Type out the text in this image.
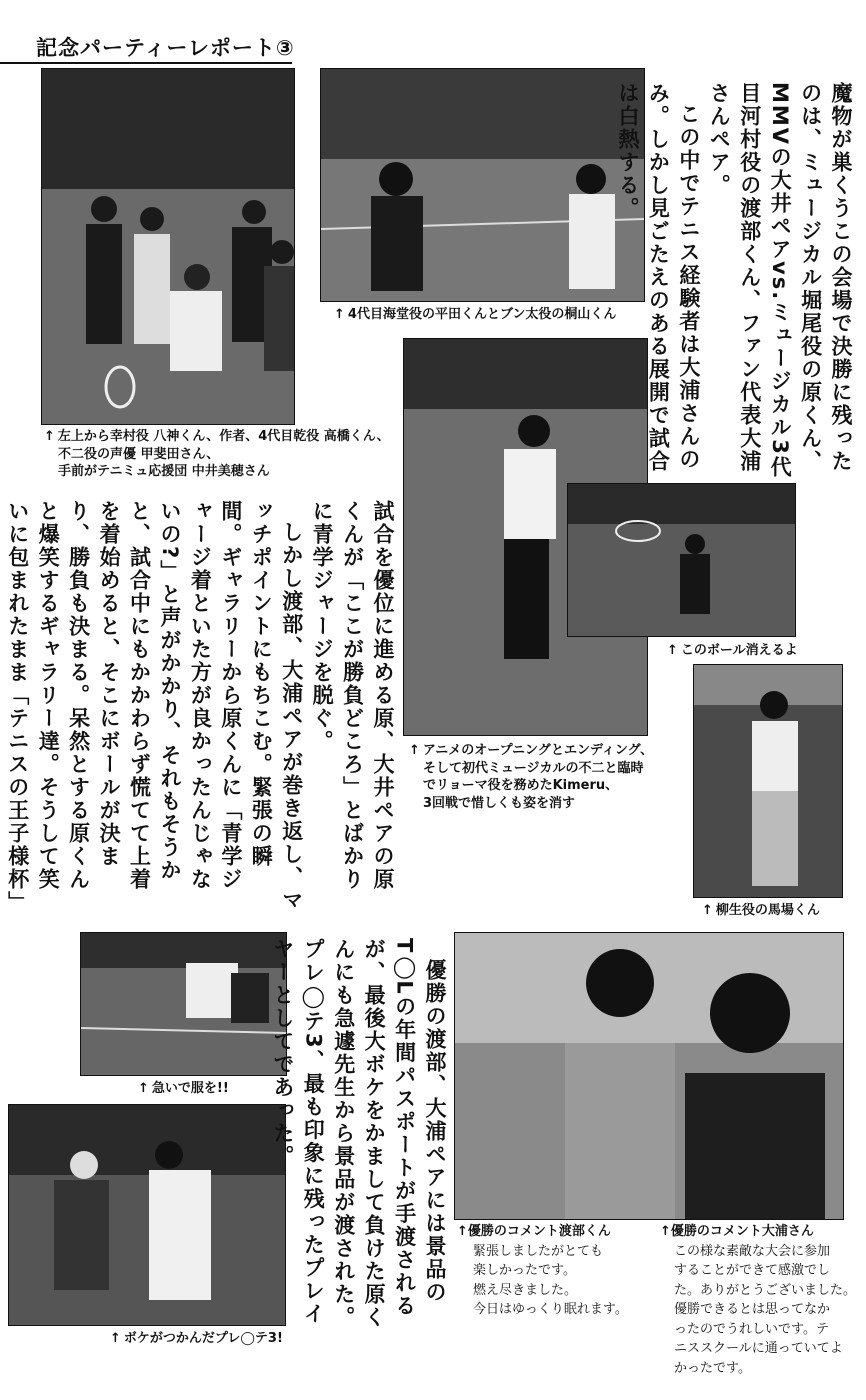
記念パーティーレポート③
↑ 左上から幸村役 八神くん、作者、4代目乾役 高橋くん、
不二役の声優 甲斐田さん、
手前がテニミュ応援団 中井美穂さん
↑ 4代目海堂役の平田くんとブン太役の桐山くん
↑ このボール消えるよ
↑ アニメのオープニングとエンディング、
そして初代ミュージカルの不二と臨時
でリョーマ役を務めたKimeru、
3回戦で惜しくも姿を消す
↑ 柳生役の馬場くん
↑ 急いで服を!!
↑ ボケがつかんだプレ◯テ3!
↑優勝のコメント渡部くん
緊張しましたがとても
楽しかったです。
燃え尽きました。
今日はゆっくり眠れます。
↑優勝のコメント大浦さん
この様な素敵な大会に参加
することができて感激でし
た。ありがとうございました。
優勝できるとは思ってなか
ったのでうれしいです。テ
ニススクールに通っていてよ
かったです。

魔物が巣くうこの会場で決勝に残ったのは、ミュージカル堀尾役の原くん、MMVの大井ペアvs.ミュージカル3代目河村役の渡部くん、ファン代表大浦さんペア。

この中でテニス経験者は大浦さんのみ。しかし見ごたえのある展開で試合は白熱する。

試合を優位に進める原、大井ペアの原くんが「ここが勝負どころ」とばかりに青学ジャージを脱ぐ。

しかし渡部、大浦ペアが巻き返し、マッチポイントにもちこむ。緊張の瞬間。ギャラリーから原くんに「青学ジャージ着といた方が良かったんじゃないの?」と声がかかり、それもそうかと、試合中にもかかわらず慌てて上着を着始めると、そこにボールが決まり、勝負も決まる。呆然とする原くんと爆笑するギャラリー達。そうして笑いに包まれたまま「テニスの王子様杯」

優勝の渡部、大浦ペアには景品のT◯Lの年間パスポートが手渡されるが、最後大ボケをかまして負けた原くんにも急遽先生から景品が渡された。プレ◯テ3、最も印象に残ったプレイヤーとしてであった。
